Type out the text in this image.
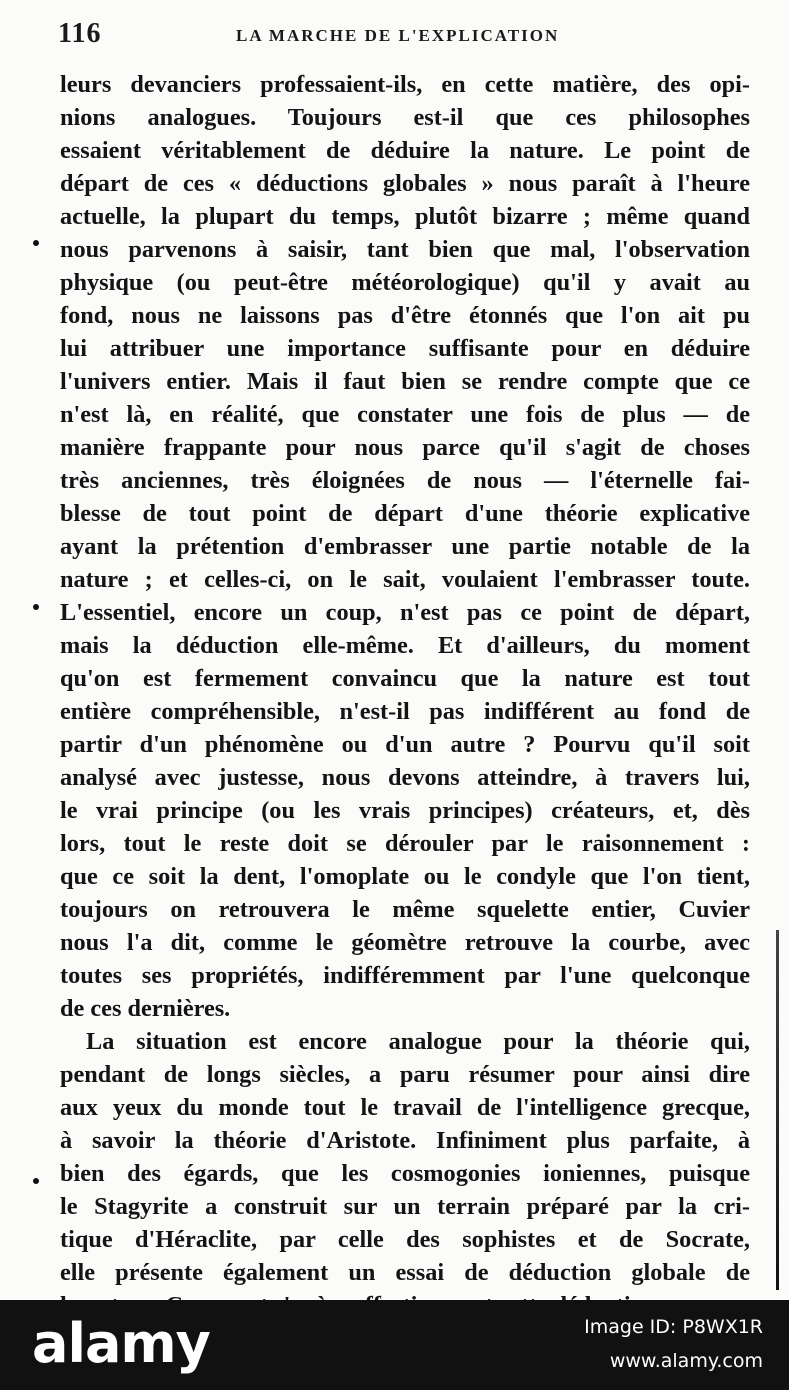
116	LA MARCHE DE L'EXPLICATION
leurs devanciers professaient-ils, en cette matière, des opi-
nions analogues. Toujours est-il que ces philosophes
essaient véritablement de déduire la nature. Le point de
départ de ces « déductions globales » nous paraît à l'heure
actuelle, la plupart du temps, plutôt bizarre ; même quand
nous parvenons à saisir, tant bien que mal, l'observation
physique (ou peut-être météorologique) qu'il y avait au
fond, nous ne laissons pas d'être étonnés que l'on ait pu
lui attribuer une importance suffisante pour en déduire
l'univers entier. Mais il faut bien se rendre compte que ce
n'est là, en réalité, que constater une fois de plus — de
manière frappante pour nous parce qu'il s'agit de choses
très anciennes, très éloignées de nous — l'éternelle fai-
blesse de tout point de départ d'une théorie explicative
ayant la prétention d'embrasser une partie notable de la
nature ; et celles-ci, on le sait, voulaient l'embrasser toute.
L'essentiel, encore un coup, n'est pas ce point de départ,
mais la déduction elle-même. Et d'ailleurs, du moment
qu'on est fermement convaincu que la nature est tout
entière compréhensible, n'est-il pas indifférent au fond de
partir d'un phénomène ou d'un autre ? Pourvu qu'il soit
analysé avec justesse, nous devons atteindre, à travers lui,
le vrai principe (ou les vrais principes) créateurs, et, dès
lors, tout le reste doit se dérouler par le raisonnement :
que ce soit la dent, l'omoplate ou le condyle que l'on tient,
toujours on retrouvera le même squelette entier, Cuvier
nous l'a dit, comme le géomètre retrouve la courbe, avec
toutes ses propriétés, indifféremment par l'une quelconque
de ces dernières.
La situation est encore analogue pour la théorie qui,
pendant de longs siècles, a paru résumer pour ainsi dire
aux yeux du monde tout le travail de l'intelligence grecque,
à savoir la théorie d'Aristote. Infiniment plus parfaite, à
bien des égards, que les cosmogonies ioniennes, puisque
le Stagyrite a construit sur un terrain préparé par la cri-
tique d'Héraclite, par celle des sophistes et de Socrate,
elle présente également un essai de déduction globale de
alamy	Image ID: P8WX1R
www.alamy.com
